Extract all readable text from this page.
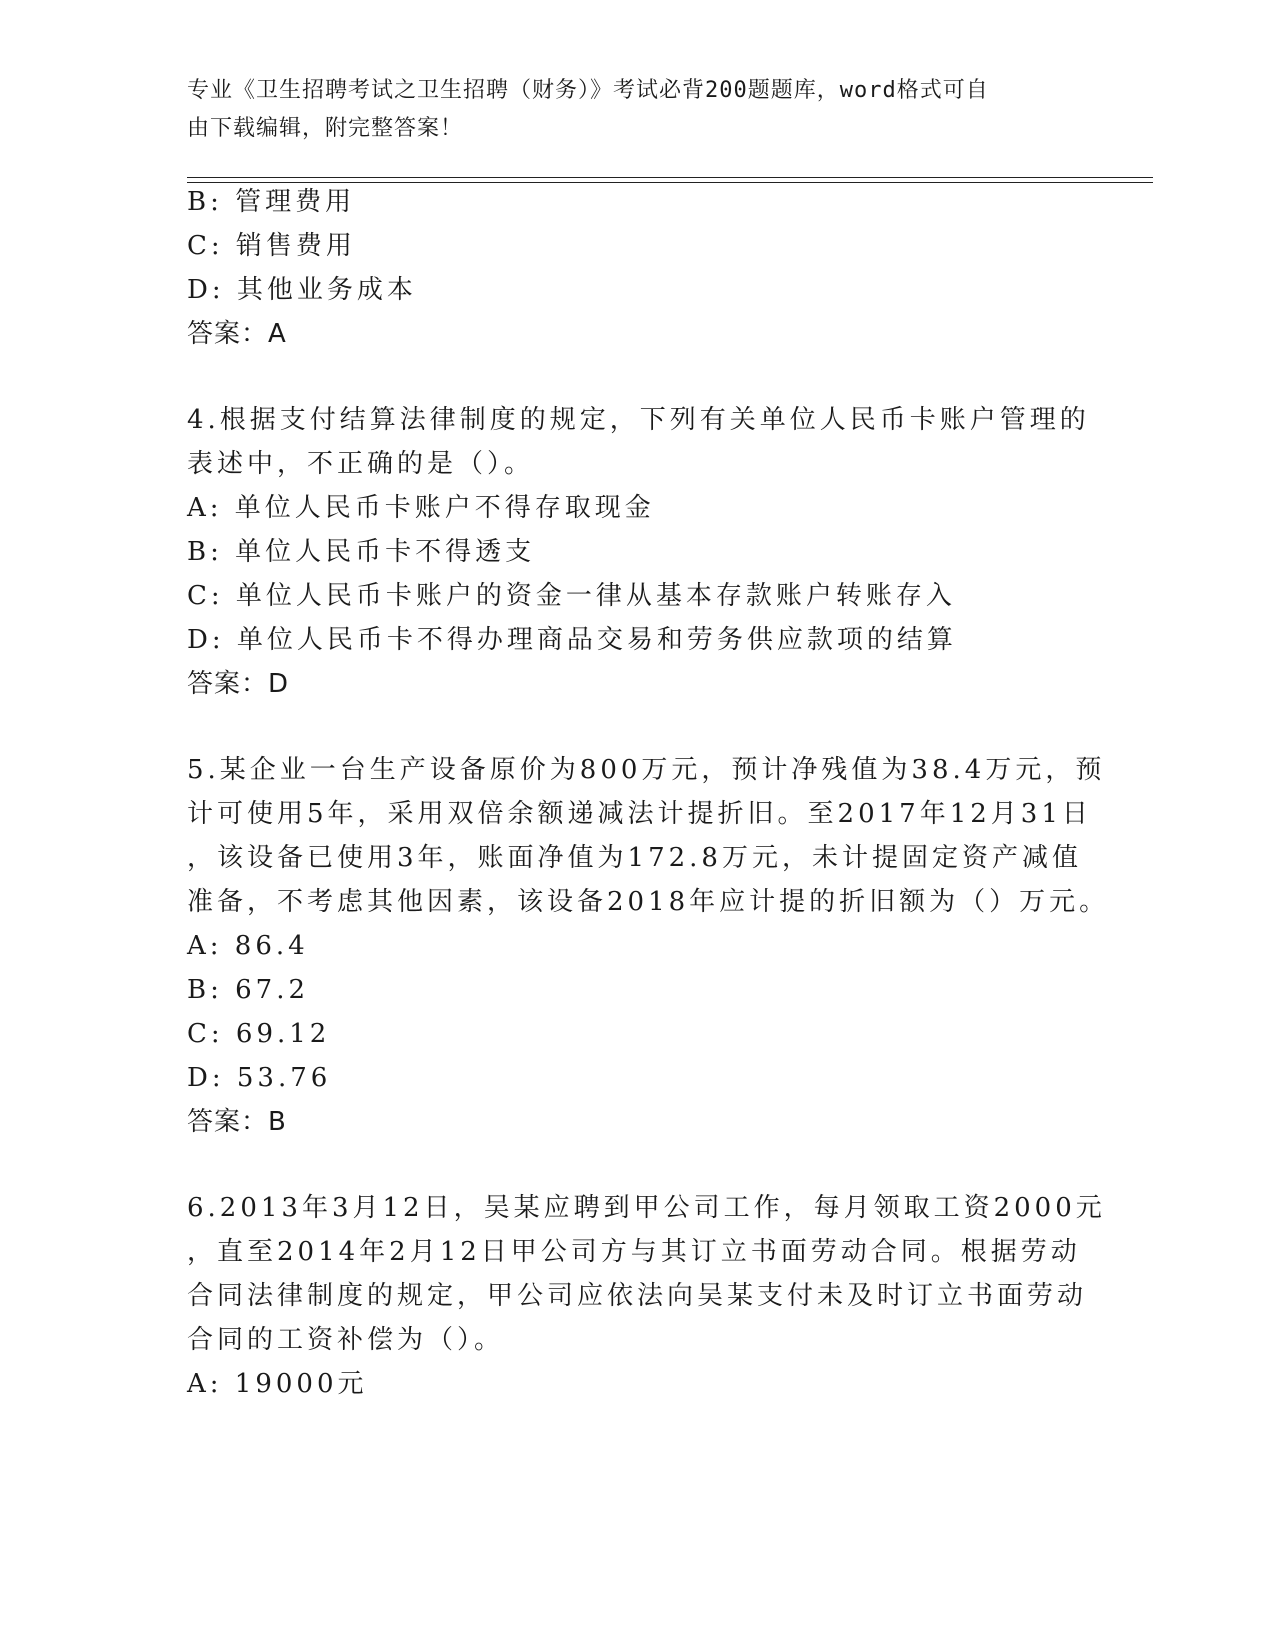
专业《卫生招聘考试之卫生招聘（财务）》考试必背200题题库，word格式可自
由下载编辑，附完整答案！
B: 管理费用
C: 销售费用
D: 其他业务成本
答案：A
4.根据支付结算法律制度的规定，下列有关单位人民币卡账户管理的
表述中，不正确的是（）。
A: 单位人民币卡账户不得存取现金
B: 单位人民币卡不得透支
C: 单位人民币卡账户的资金一律从基本存款账户转账存入
D: 单位人民币卡不得办理商品交易和劳务供应款项的结算
答案：D
5.某企业一台生产设备原价为800万元，预计净残值为38.4万元，预
计可使用5年，采用双倍余额递减法计提折旧。至2017年12月31日
，该设备已使用3年，账面净值为172.8万元，未计提固定资产减值
准备，不考虑其他因素，该设备2018年应计提的折旧额为（）万元。
A: 86.4
B: 67.2
C: 69.12
D: 53.76
答案：B
6.2013年3月12日，吴某应聘到甲公司工作，每月领取工资2000元
，直至2014年2月12日甲公司方与其订立书面劳动合同。根据劳动
合同法律制度的规定，甲公司应依法向吴某支付未及时订立书面劳动
合同的工资补偿为（）。
A: 19000元
